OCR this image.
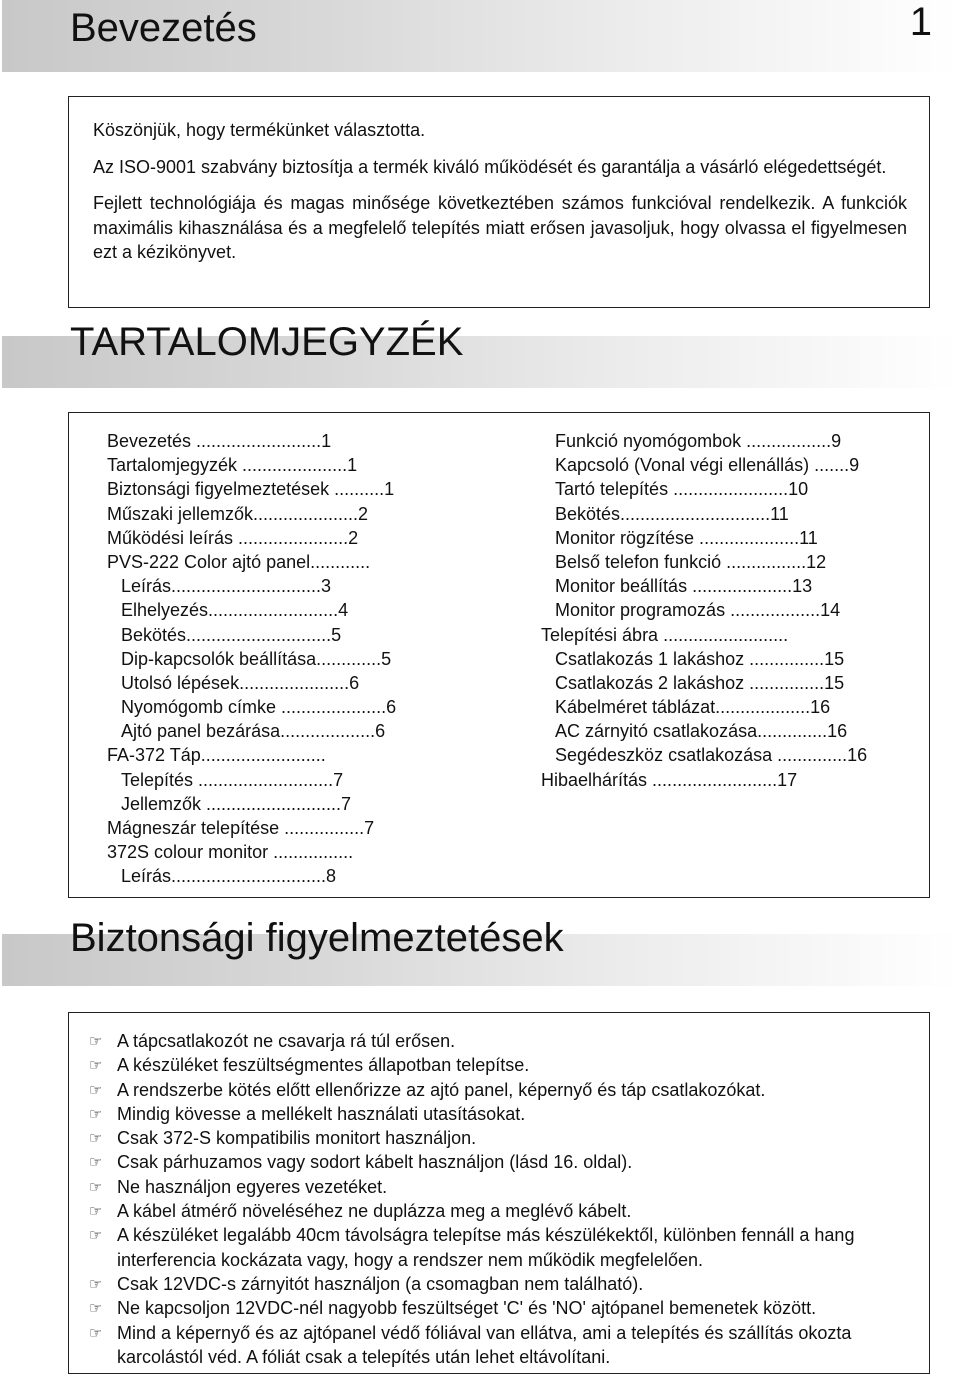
Bevezetés	1

Köszönjük, hogy termékünket választotta.

Az ISO-9001 szabvány biztosítja a termék kiváló működését és garantálja a vásárló elégedettségét.

Fejlett technológiája és magas minősége következtében számos funkcióval rendelkezik. A funkciók maximális kihasználása és a megfelelő telepítés miatt erősen javasoljuk, hogy olvassa el figyelmesen ezt a kézikönyvet.

TARTALOMJEGYZÉK
Bevezetés .........................1
Tartalomjegyzék .....................1
Biztonsági figyelmeztetések ..........1
Műszaki jellemzők.....................2
Működési leírás ......................2
PVS-222 Color ajtó panel............
Leírás..............................3
Elhelyezés..........................4
Bekötés.............................5
Dip-kapcsolók beállítása.............5
Utolsó lépések......................6
Nyomógomb címke .....................6
Ajtó panel bezárása...................6
FA-372 Táp.........................
Telepítés ...........................7
Jellemzők ...........................7
Mágneszár telepítése ................7
372S colour monitor ................
Leírás...............................8
Funkció nyomógombok .................9
Kapcsoló (Vonal végi ellenállás) .......9
Tartó telepítés .......................10
Bekötés..............................11
Monitor rögzítése ....................11
Belső telefon funkció ................12
Monitor beállítás ....................13
Monitor programozás ..................14
Telepítési ábra .........................
Csatlakozás 1 lakáshoz ...............15
Csatlakozás 2 lakáshoz ...............15
Kábelméret táblázat...................16
AC zárnyitó csatlakozása..............16
Segédeszköz csatlakozása ..............16
Hibaelhárítás .........................17
Biztonsági figyelmeztetések
☞ A tápcsatlakozót ne csavarja rá túl erősen.
☞ A készüléket feszültségmentes állapotban telepítse.
☞ A rendszerbe kötés előtt ellenőrizze az ajtó panel, képernyő és táp csatlakozókat.
☞ Mindig kövesse a mellékelt használati utasításokat.
☞ Csak 372-S kompatibilis monitort használjon.
☞ Csak párhuzamos vagy sodort kábelt használjon (lásd 16. oldal).
☞ Ne használjon egyeres vezetéket.
☞ A kábel átmérő növeléséhez ne duplázza meg a meglévő kábelt.
☞ A készüléket legalább 40cm távolságra telepítse más készülékektől, különben fennáll a hang interferencia kockázata vagy, hogy a rendszer nem működik megfelelően.
☞ Csak 12VDC-s zárnyitót használjon (a csomagban nem található).
☞ Ne kapcsoljon 12VDC-nél nagyobb feszültséget 'C' és 'NO' ajtópanel bemenetek között.
☞ Mind a képernyő és az ajtópanel védő fóliával van ellátva, ami a telepítés és szállítás okozta karcolástól véd. A fóliát csak a telepítés után lehet eltávolítani.
